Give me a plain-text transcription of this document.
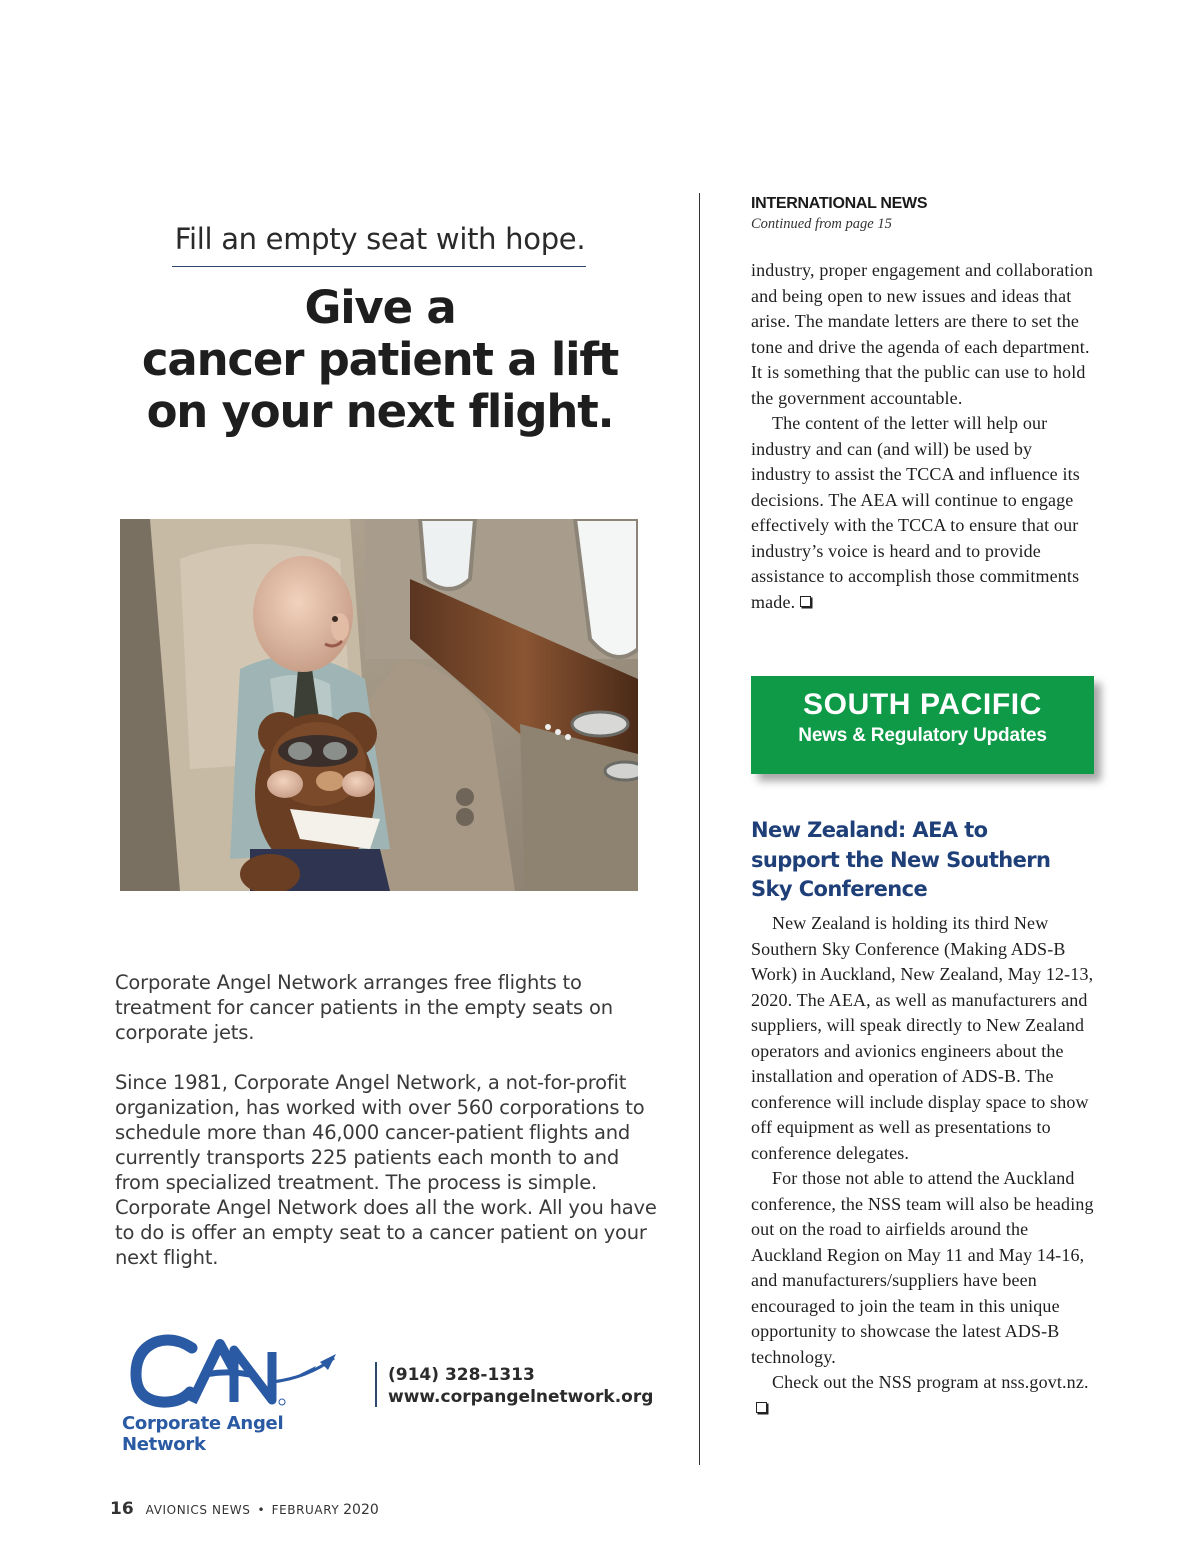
Fill an empty seat with hope.
Give a
cancer patient a lift
on your next flight.

Corporate Angel Network arranges free flights to treatment for cancer patients in the empty seats on corporate jets.

Since 1981, Corporate Angel Network, a not-for-profit organization, has worked with over 560 corporations to schedule more than 46,000 cancer-patient flights and currently transports 225 patients each month to and from specialized treatment. The process is simple. Corporate Angel Network does all the work. All you have to do is offer an empty seat to a cancer patient on your next flight.

Corporate Angel Network
(914) 328-1313
www.corpangelnetwork.org
16 AVIONICS NEWS • FEBRUARY 2020
INTERNATIONAL NEWS
Continued from page 15

industry, proper engagement and collaboration and being open to new issues and ideas that arise. The mandate letters are there to set the tone and drive the agenda of each department. It is something that the public can use to hold the government accountable.

The content of the letter will help our industry and can (and will) be used by industry to assist the TCCA and influence its decisions. The AEA will continue to engage effectively with the TCCA to ensure that our industry’s voice is heard and to provide assistance to accomplish those commitments made.

SOUTH PACIFIC
News & Regulatory Updates
New Zealand: AEA to
support the New Southern
Sky Conference

New Zealand is holding its third New Southern Sky Conference (Making ADS-B Work) in Auckland, New Zealand, May 12-13, 2020. The AEA, as well as manufacturers and suppliers, will speak directly to New Zealand operators and avionics engineers about the installation and operation of ADS-B. The conference will include display space to show off equipment as well as presentations to conference delegates.

For those not able to attend the Auckland conference, the NSS team will also be heading out on the road to airfields around the Auckland Region on May 11 and May 14-16, and manufacturers/suppliers have been encouraged to join the team in this unique opportunity to showcase the latest ADS-B technology.

Check out the NSS program at nss.govt.nz.
